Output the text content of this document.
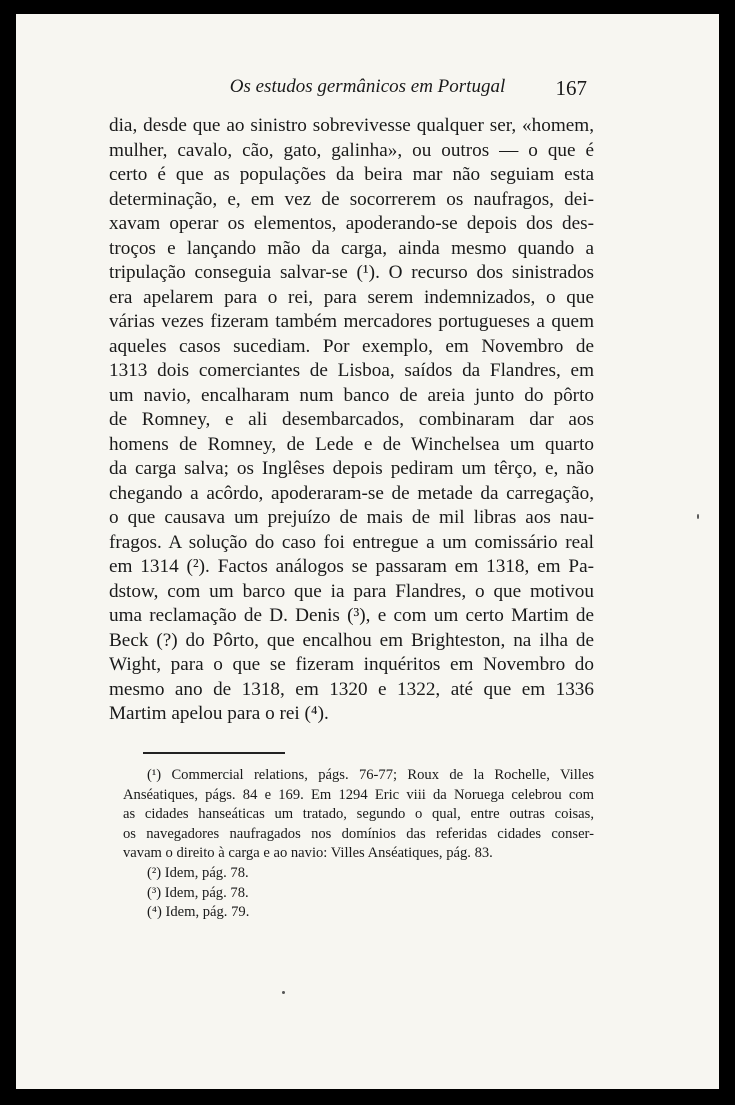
Os estudos germânicos em Portugal	167
dia, desde que ao sinistro sobrevivesse qualquer ser, «homem,
mulher, cavalo, cão, gato, galinha», ou outros — o que é
certo é que as populações da beira mar não seguiam esta
determinação, e, em vez de socorrerem os naufragos, dei-
xavam operar os elementos, apoderando-se depois dos des-
troços e lançando mão da carga, ainda mesmo quando a
tripulação conseguia salvar-se (¹). O recurso dos sinistrados
era apelarem para o rei, para serem indemnizados, o que
várias vezes fizeram também mercadores portugueses a quem
aqueles casos sucediam. Por exemplo, em Novembro de
1313 dois comerciantes de Lisboa, saídos da Flandres, em
um navio, encalharam num banco de areia junto do pôrto
de Romney, e ali desembarcados, combinaram dar aos
homens de Romney, de Lede e de Winchelsea um quarto
da carga salva; os Inglêses depois pediram um têrço, e, não
chegando a acôrdo, apoderaram-se de metade da carregação,
o que causava um prejuízo de mais de mil libras aos nau-
fragos. A solução do caso foi entregue a um comissário real
em 1314 (²). Factos análogos se passaram em 1318, em Pa-
dstow, com um barco que ia para Flandres, o que motivou
uma reclamação de D. Denis (³), e com um certo Martim de
Beck (?) do Pôrto, que encalhou em Brighteston, na ilha de
Wight, para o que se fizeram inquéritos em Novembro do
mesmo ano de 1318, em 1320 e 1322, até que em 1336
Martim apelou para o rei (⁴).
(¹) Commercial relations, págs. 76-77; Roux de la Rochelle, Villes
Anséatiques, págs. 84 e 169. Em 1294 Eric viii da Noruega celebrou com
as cidades hanseáticas um tratado, segundo o qual, entre outras coisas,
os navegadores naufragados nos domínios das referidas cidades conser-
vavam o direito à carga e ao navio: Villes Anséatiques, pág. 83.
(²) Idem, pág. 78.
(³) Idem, pág. 78.
(⁴) Idem, pág. 79.
